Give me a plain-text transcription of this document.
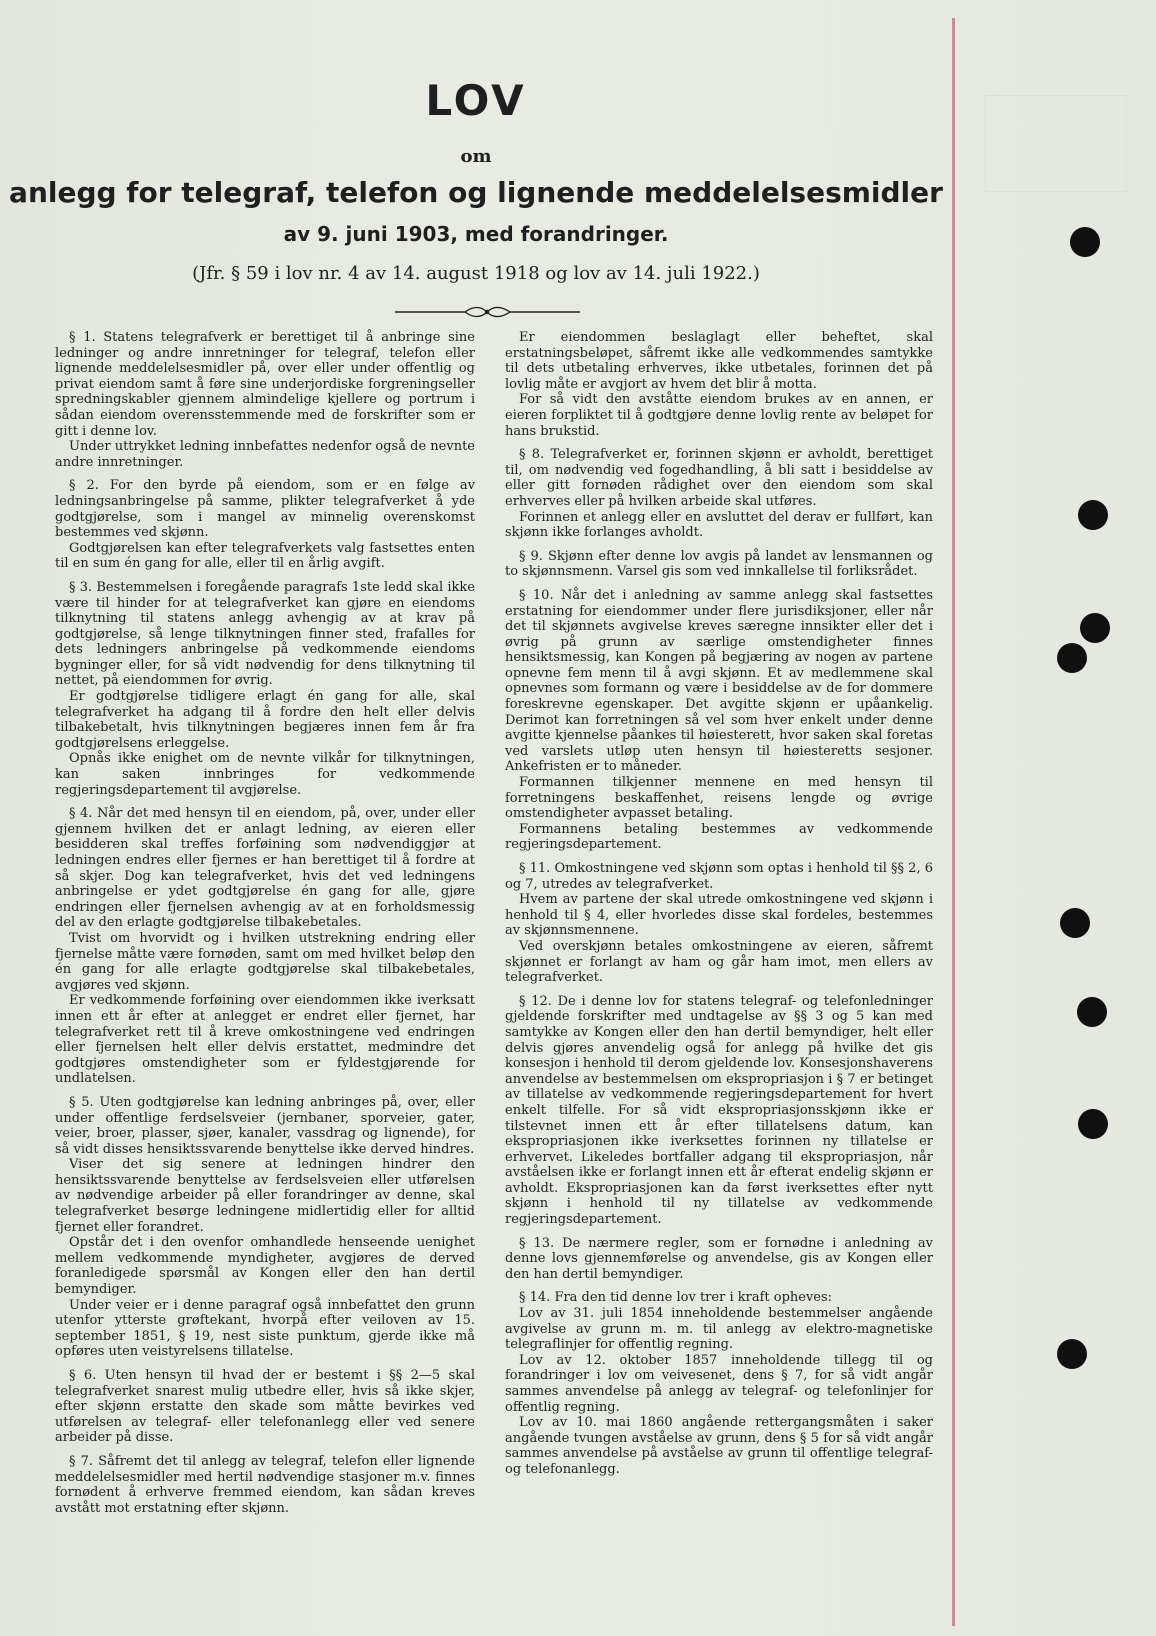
LOV
om
anlegg for telegraf, telefon og lignende meddelelsesmidler
av 9. juni 1903, med forandringer.
(Jfr. § 59 i lov nr. 4 av 14. august 1918 og lov av 14. juli 1922.)

§ 1. Statens telegrafverk er berettiget til å anbringe sine ledninger og andre innretninger for telegraf, telefon eller lignende meddelelsesmidler på, over eller under offentlig og privat eiendom samt å føre sine underjordiske forgreningseller spredningskabler gjennem almindelige kjellere og portrum i sådan eiendom overensstemmende med de forskrifter som er gitt i denne lov.

Under uttrykket ledning innbefattes nedenfor også de nevnte andre innretninger.

§ 2. For den byrde på eiendom, som er en følge av ledningsanbringelse på samme, plikter telegrafverket å yde godtgjørelse, som i mangel av minnelig overenskomst bestemmes ved skjønn.

Godtgjørelsen kan efter telegrafverkets valg fastsettes enten til en sum én gang for alle, eller til en årlig avgift.

§ 3. Bestemmelsen i foregående paragrafs 1ste ledd skal ikke være til hinder for at telegrafverket kan gjøre en eiendoms tilknytning til statens anlegg avhengig av at krav på godtgjørelse, så lenge tilknytningen finner sted, frafalles for dets ledningers anbringelse på vedkommende eiendoms bygninger eller, for så vidt nødvendig for dens tilknytning til nettet, på eiendommen for øvrig.

Er godtgjørelse tidligere erlagt én gang for alle, skal telegrafverket ha adgang til å fordre den helt eller delvis tilbakebetalt, hvis tilknytningen begjæres innen fem år fra godtgjørelsens erleggelse.

Opnås ikke enighet om de nevnte vilkår for tilknytningen, kan saken innbringes for vedkommende regjeringsdepartement til avgjørelse.

§ 4. Når det med hensyn til en eiendom, på, over, under eller gjennem hvilken det er anlagt ledning, av eieren eller besidderen skal treffes forføining som nødvendiggjør at ledningen endres eller fjernes er han berettiget til å fordre at så skjer. Dog kan telegrafverket, hvis det ved ledningens anbringelse er ydet godtgjørelse én gang for alle, gjøre endringen eller fjernelsen avhengig av at en forholdsmessig del av den erlagte godtgjørelse tilbakebetales.

Tvist om hvorvidt og i hvilken utstrekning endring eller fjernelse måtte være fornøden, samt om med hvilket beløp den én gang for alle erlagte godtgjørelse skal tilbakebetales, avgjøres ved skjønn.

Er vedkommende forføining over eiendommen ikke iverksatt innen ett år efter at anlegget er endret eller fjernet, har telegrafverket rett til å kreve omkostningene ved endringen eller fjernelsen helt eller delvis erstattet, medmindre det godtgjøres omstendigheter som er fyldestgjørende for undlatelsen.

§ 5. Uten godtgjørelse kan ledning anbringes på, over, eller under offentlige ferdselsveier (jernbaner, sporveier, gater, veier, broer, plasser, sjøer, kanaler, vassdrag og lignende), for så vidt disses hensiktssvarende benyttelse ikke derved hindres.

Viser det sig senere at ledningen hindrer den hensiktssvarende benyttelse av ferdselsveien eller utførelsen av nødvendige arbeider på eller forandringer av denne, skal telegrafverket besørge ledningene midlertidig eller for alltid fjernet eller forandret.

Opstår det i den ovenfor omhandlede henseende uenighet mellem vedkommende myndigheter, avgjøres de derved foranledigede spørsmål av Kongen eller den han dertil bemyndiger.

Under veier er i denne paragraf også innbefattet den grunn utenfor ytterste grøftekant, hvorpå efter veiloven av 15. september 1851, § 19, nest siste punktum, gjerde ikke må opføres uten veistyrelsens tillatelse.

§ 6. Uten hensyn til hvad der er bestemt i §§ 2—5 skal telegrafverket snarest mulig utbedre eller, hvis så ikke skjer, efter skjønn erstatte den skade som måtte bevirkes ved utførelsen av telegraf- eller telefonanlegg eller ved senere arbeider på disse.

§ 7. Såfremt det til anlegg av telegraf, telefon eller lignende meddelelsesmidler med hertil nødvendige stasjoner m.v. finnes fornødent å erhverve fremmed eiendom, kan sådan kreves avstått mot erstatning efter skjønn.

Er eiendommen beslaglagt eller beheftet, skal erstatningsbeløpet, såfremt ikke alle vedkommendes samtykke til dets utbetaling erhverves, ikke utbetales, forinnen det på lovlig måte er avgjort av hvem det blir å motta.

For så vidt den avståtte eiendom brukes av en annen, er eieren forpliktet til å godtgjøre denne lovlig rente av beløpet for hans brukstid.

§ 8. Telegrafverket er, forinnen skjønn er avholdt, berettiget til, om nødvendig ved fogedhandling, å bli satt i besiddelse av eller gitt fornøden rådighet over den eiendom som skal erhverves eller på hvilken arbeide skal utføres.

Forinnen et anlegg eller en avsluttet del derav er fullført, kan skjønn ikke forlanges avholdt.

§ 9. Skjønn efter denne lov avgis på landet av lensmannen og to skjønnsmenn. Varsel gis som ved innkallelse til forliksrådet.

§ 10. Når det i anledning av samme anlegg skal fastsettes erstatning for eiendommer under flere jurisdiksjoner, eller når det til skjønnets avgivelse kreves særegne innsikter eller det i øvrig på grunn av særlige omstendigheter finnes hensiktsmessig, kan Kongen på begjæring av nogen av partene opnevne fem menn til å avgi skjønn. Et av medlemmene skal opnevnes som formann og være i besiddelse av de for dommere foreskrevne egenskaper. Det avgitte skjønn er upåankelig. Derimot kan forretningen så vel som hver enkelt under denne avgitte kjennelse påankes til høiesterett, hvor saken skal foretas ved varslets utløp uten hensyn til høiesteretts sesjoner. Ankefristen er to måneder.

Formannen tilkjenner mennene en med hensyn til forretningens beskaffenhet, reisens lengde og øvrige omstendigheter avpasset betaling.

Formannens betaling bestemmes av vedkommende regjeringsdepartement.

§ 11. Omkostningene ved skjønn som optas i henhold til §§ 2, 6 og 7, utredes av telegrafverket.

Hvem av partene der skal utrede omkostningene ved skjønn i henhold til § 4, eller hvorledes disse skal fordeles, bestemmes av skjønnsmennene.

Ved overskjønn betales omkostningene av eieren, såfremt skjønnet er forlangt av ham og går ham imot, men ellers av telegrafverket.

§ 12. De i denne lov for statens telegraf- og telefonledninger gjeldende forskrifter med undtagelse av §§ 3 og 5 kan med samtykke av Kongen eller den han dertil bemyndiger, helt eller delvis gjøres anvendelig også for anlegg på hvilke det gis konsesjon i henhold til derom gjeldende lov. Konsesjonshaverens anvendelse av bestemmelsen om ekspropriasjon i § 7 er betinget av tillatelse av vedkommende regjeringsdepartement for hvert enkelt tilfelle. For så vidt ekspropriasjonsskjønn ikke er tilstevnet innen ett år efter tillatelsens datum, kan ekspropriasjonen ikke iverksettes forinnen ny tillatelse er erhvervet. Likeledes bortfaller adgang til ekspropriasjon, når avståelsen ikke er forlangt innen ett år efterat endelig skjønn er avholdt. Ekspropriasjonen kan da først iverksettes efter nytt skjønn i henhold til ny tillatelse av vedkommende regjeringsdepartement.

§ 13. De nærmere regler, som er fornødne i anledning av denne lovs gjennemførelse og anvendelse, gis av Kongen eller den han dertil bemyndiger.

§ 14. Fra den tid denne lov trer i kraft opheves:

Lov av 31. juli 1854 inneholdende bestemmelser angående avgivelse av grunn m. m. til anlegg av elektro-magnetiske telegraflinjer for offentlig regning.

Lov av 12. oktober 1857 inneholdende tillegg til og forandringer i lov om veivesenet, dens § 7, for så vidt angår sammes anvendelse på anlegg av telegraf- og telefonlinjer for offentlig regning.

Lov av 10. mai 1860 angående rettergangsmåten i saker angående tvungen avståelse av grunn, dens § 5 for så vidt angår sammes anvendelse på avståelse av grunn til offentlige telegraf- og telefonanlegg.
